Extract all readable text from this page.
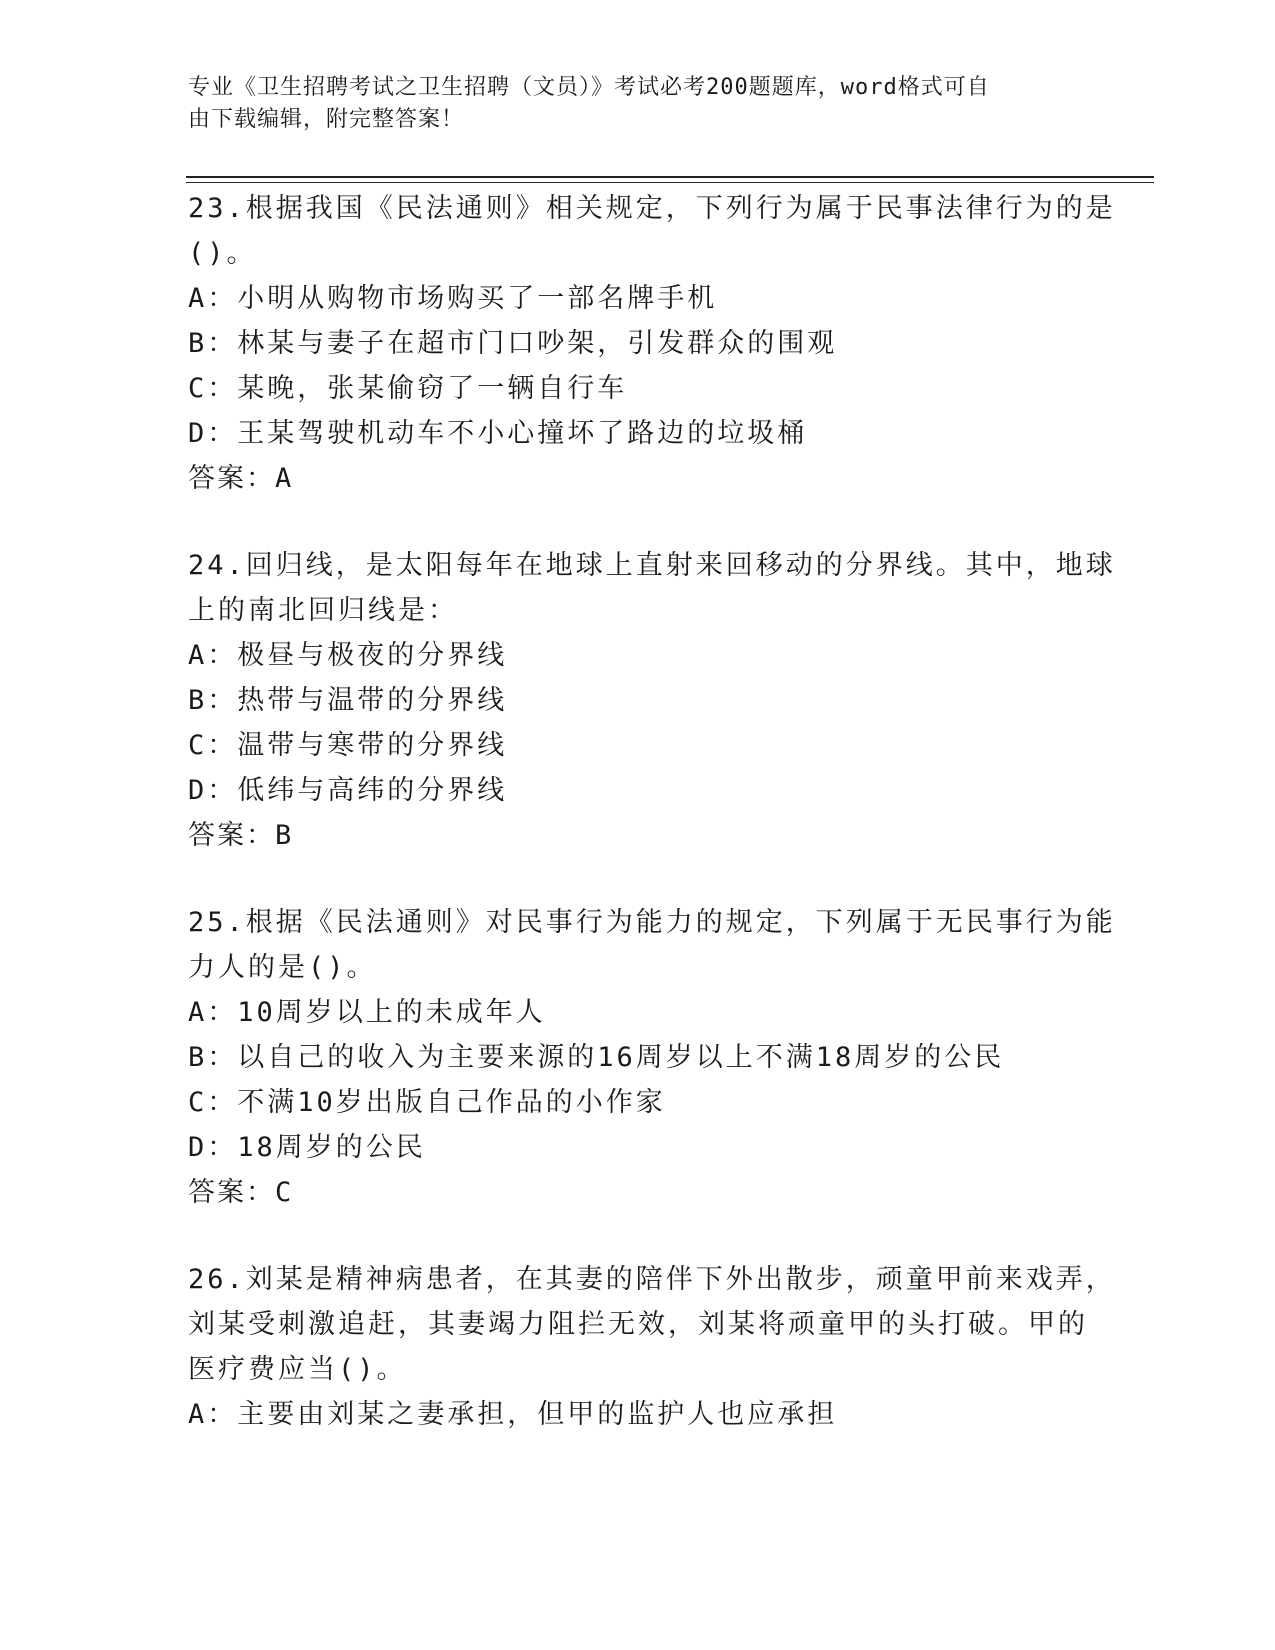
专业《卫生招聘考试之卫生招聘（文员）》考试必考200题题库，word格式可自
由下载编辑，附完整答案！
23.根据我国《民法通则》相关规定，下列行为属于民事法律行为的是
()。
A：小明从购物市场购买了一部名牌手机
B：林某与妻子在超市门口吵架，引发群众的围观
C：某晚，张某偷窃了一辆自行车
D：王某驾驶机动车不小心撞坏了路边的垃圾桶
答案：A
24.回归线，是太阳每年在地球上直射来回移动的分界线。其中，地球
上的南北回归线是：
A：极昼与极夜的分界线
B：热带与温带的分界线
C：温带与寒带的分界线
D：低纬与高纬的分界线
答案：B
25.根据《民法通则》对民事行为能力的规定，下列属于无民事行为能
力人的是()。
A：10周岁以上的未成年人
B：以自己的收入为主要来源的16周岁以上不满18周岁的公民
C：不满10岁出版自己作品的小作家
D：18周岁的公民
答案：C
26.刘某是精神病患者，在其妻的陪伴下外出散步，顽童甲前来戏弄，
刘某受刺激追赶，其妻竭力阻拦无效，刘某将顽童甲的头打破。甲的
医疗费应当()。
A：主要由刘某之妻承担，但甲的监护人也应承担
